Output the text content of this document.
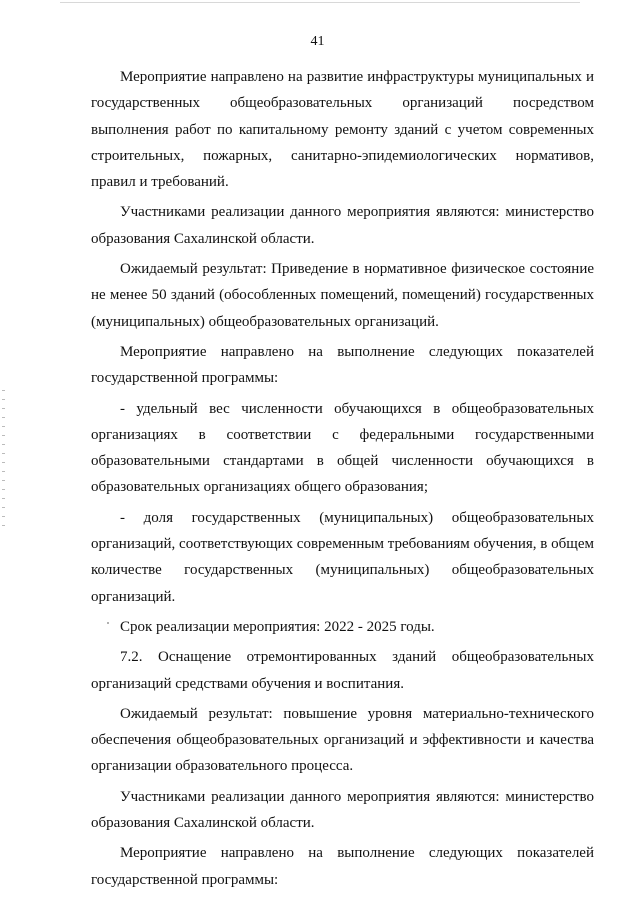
41

Мероприятие направлено на развитие инфраструктуры муниципальных и государственных общеобразовательных организаций посредством выполнения работ по капитальному ремонту зданий с учетом современных строительных, пожарных, санитарно-эпидемиологических нормативов, правил и требований.

Участниками реализации данного мероприятия являются: министерство образования Сахалинской области.

Ожидаемый результат: Приведение в нормативное физическое состояние не менее 50 зданий (обособленных помещений, помещений) государственных (муниципальных) общеобразовательных организаций.

Мероприятие направлено на выполнение следующих показателей государственной программы:

- удельный вес численности обучающихся в общеобразовательных организациях в соответствии с федеральными государственными образовательными стандартами в общей численности обучающихся в образовательных организациях общего образования;

- доля государственных (муниципальных) общеобразовательных организаций, соответствующих современным требованиям обучения, в общем количестве государственных (муниципальных) общеобразовательных организаций.

Срок реализации мероприятия: 2022 - 2025 годы.

7.2. Оснащение отремонтированных зданий общеобразовательных организаций средствами обучения и воспитания.

Ожидаемый результат: повышение уровня материально-технического обеспечения общеобразовательных организаций и эффективности и качества организации образовательного процесса.

Участниками реализации данного мероприятия являются: министерство образования Сахалинской области.

Мероприятие направлено на выполнение следующих показателей государственной программы:
